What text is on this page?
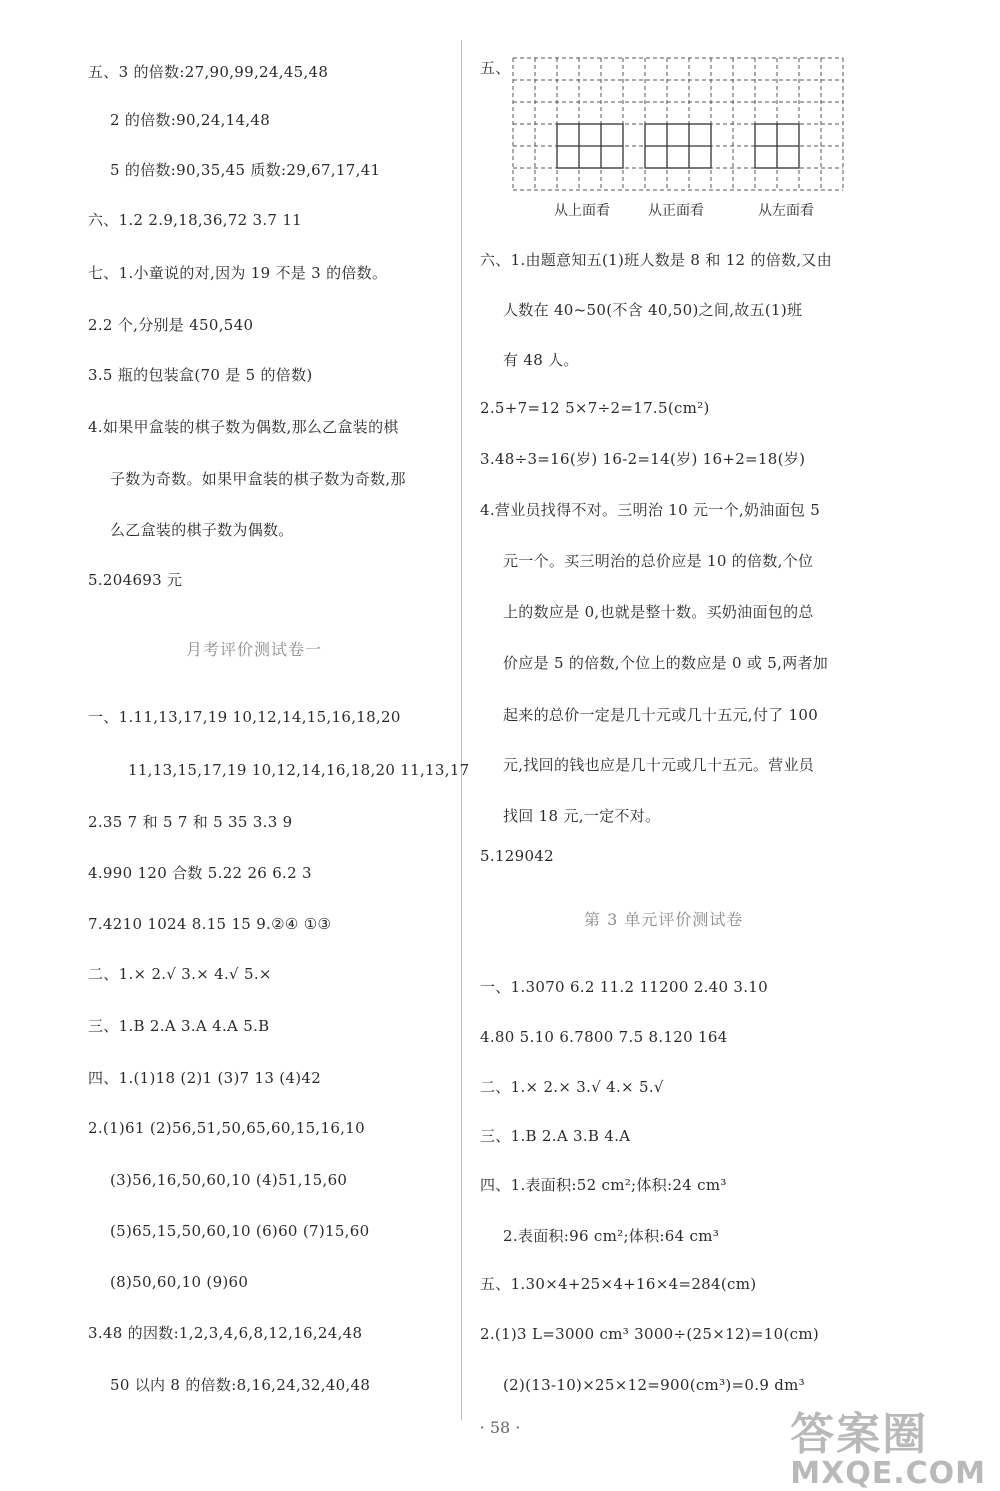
月考评价测试卷一
第 3 单元评价测试卷
五、
从上面看	从正面看	从左面看
· 58 ·	答案圈
MXQE.COM
五、3 的倍数:27,90,99,24,45,48
2 的倍数:90,24,14,48
5 的倍数:90,35,45 质数:29,67,17,41
六、1.2 2.9,18,36,72 3.7 11
七、1.小童说的对,因为 19 不是 3 的倍数。
2.2 个,分别是 450,540
3.5 瓶的包装盒(70 是 5 的倍数)
4.如果甲盒装的棋子数为偶数,那么乙盒装的棋
子数为奇数。如果甲盒装的棋子数为奇数,那
么乙盒装的棋子数为偶数。
5.204693 元
一、1.11,13,17,19 10,12,14,15,16,18,20
11,13,15,17,19 10,12,14,16,18,20 11,13,17
2.35 7 和 5 7 和 5 35 3.3 9
4.990 120 合数 5.22 26 6.2 3
7.4210 1024 8.15 15 9.②④ ①③
二、1.× 2.√ 3.× 4.√ 5.×
三、1.B 2.A 3.A 4.A 5.B
四、1.(1)18 (2)1 (3)7 13 (4)42
2.(1)61 (2)56,51,50,65,60,15,16,10
(3)56,16,50,60,10 (4)51,15,60
(5)65,15,50,60,10 (6)60 (7)15,60
(8)50,60,10 (9)60
3.48 的因数:1,2,3,4,6,8,12,16,24,48
50 以内 8 的倍数:8,16,24,32,40,48
六、1.由题意知五(1)班人数是 8 和 12 的倍数,又由
人数在 40~50(不含 40,50)之间,故五(1)班
有 48 人。
2.5+7=12 5×7÷2=17.5(cm²)
3.48÷3=16(岁) 16-2=14(岁) 16+2=18(岁)
4.营业员找得不对。三明治 10 元一个,奶油面包 5
元一个。买三明治的总价应是 10 的倍数,个位
上的数应是 0,也就是整十数。买奶油面包的总
价应是 5 的倍数,个位上的数应是 0 或 5,两者加
起来的总价一定是几十元或几十五元,付了 100
元,找回的钱也应是几十元或几十五元。营业员
找回 18 元,一定不对。
5.129042
一、1.3070 6.2 11.2 11200 2.40 3.10
4.80 5.10 6.7800 7.5 8.120 164
二、1.× 2.× 3.√ 4.× 5.√
三、1.B 2.A 3.B 4.A
四、1.表面积:52 cm²;体积:24 cm³
2.表面积:96 cm²;体积:64 cm³
五、1.30×4+25×4+16×4=284(cm)
2.(1)3 L=3000 cm³ 3000÷(25×12)=10(cm)
(2)(13-10)×25×12=900(cm³)=0.9 dm³
